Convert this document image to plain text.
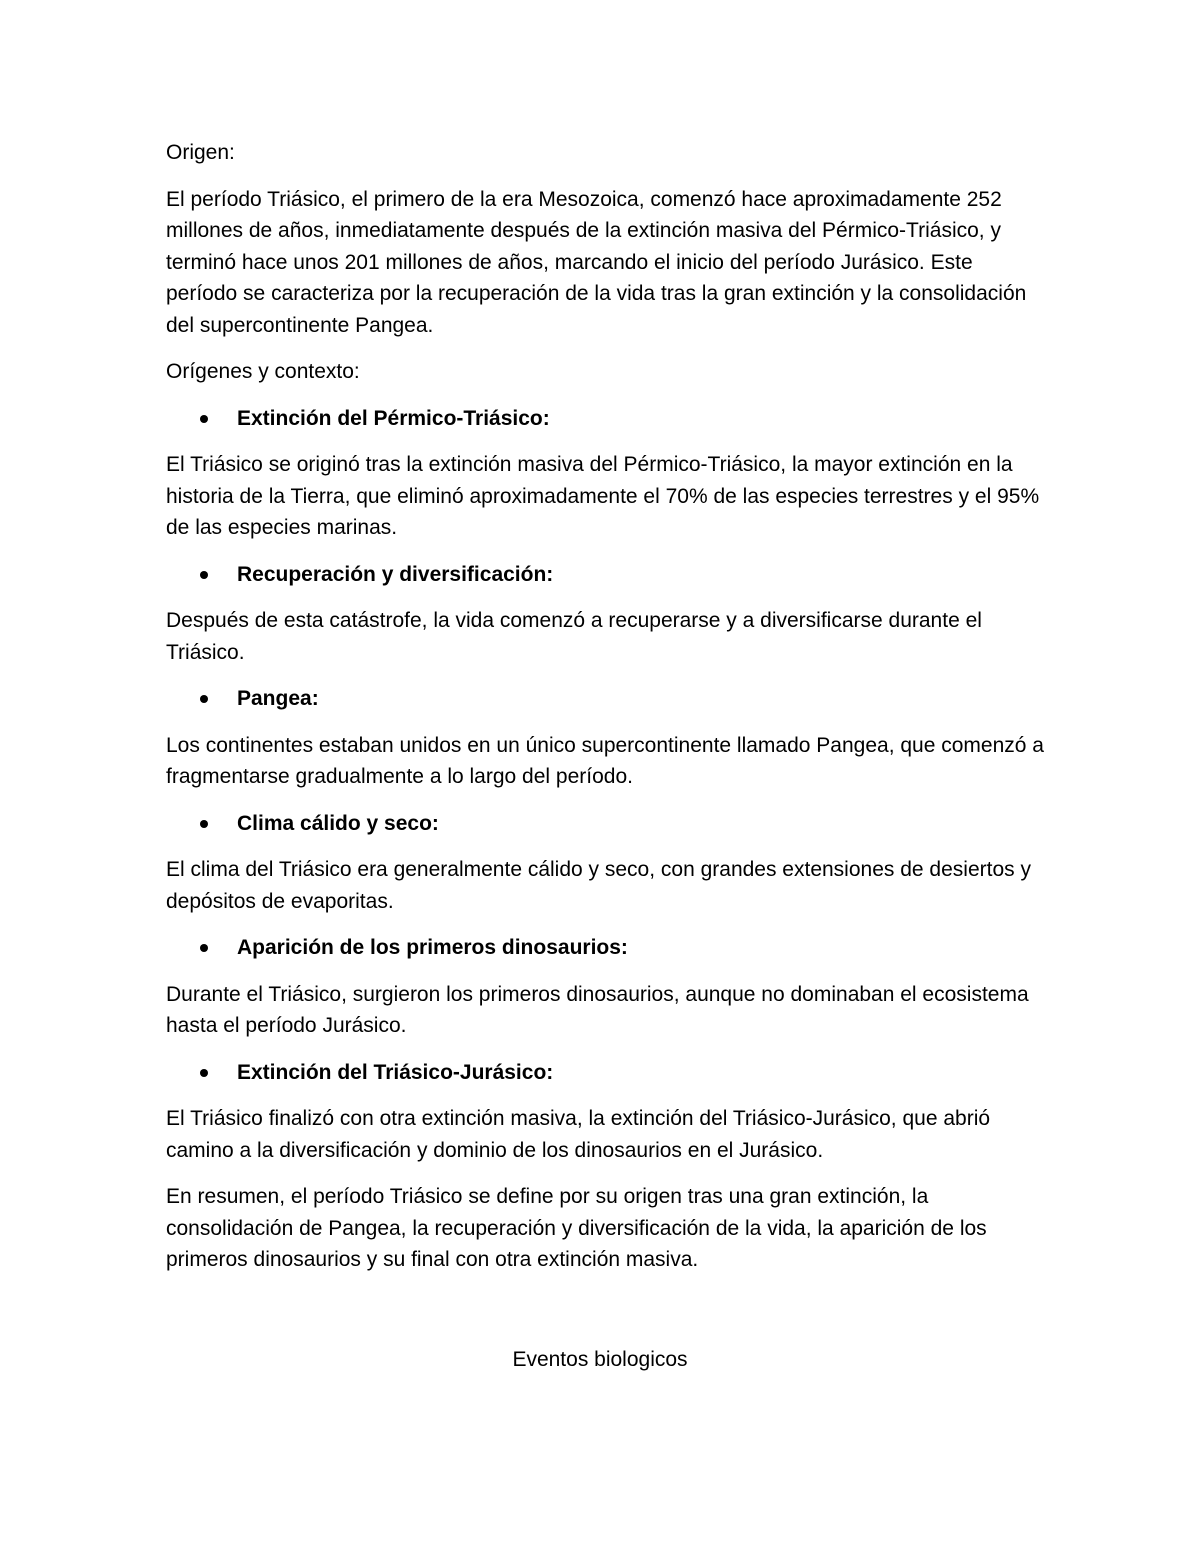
Origen:

El período Triásico, el primero de la era Mesozoica, comenzó hace aproximadamente 252 millones de años, inmediatamente después de la extinción masiva del Pérmico-Triásico, y terminó hace unos 201 millones de años, marcando el inicio del período Jurásico. Este período se caracteriza por la recuperación de la vida tras la gran extinción y la consolidación del supercontinente Pangea.

Orígenes y contexto:

Extinción del Pérmico-Triásico:

El Triásico se originó tras la extinción masiva del Pérmico-Triásico, la mayor extinción en la historia de la Tierra, que eliminó aproximadamente el 70% de las especies terrestres y el 95% de las especies marinas.

Recuperación y diversificación:

Después de esta catástrofe, la vida comenzó a recuperarse y a diversificarse durante el Triásico.

Pangea:

Los continentes estaban unidos en un único supercontinente llamado Pangea, que comenzó a fragmentarse gradualmente a lo largo del período.

Clima cálido y seco:

El clima del Triásico era generalmente cálido y seco, con grandes extensiones de desiertos y depósitos de evaporitas.

Aparición de los primeros dinosaurios:

Durante el Triásico, surgieron los primeros dinosaurios, aunque no dominaban el ecosistema hasta el período Jurásico.

Extinción del Triásico-Jurásico:

El Triásico finalizó con otra extinción masiva, la extinción del Triásico-Jurásico, que abrió camino a la diversificación y dominio de los dinosaurios en el Jurásico.

En resumen, el período Triásico se define por su origen tras una gran extinción, la consolidación de Pangea, la recuperación y diversificación de la vida, la aparición de los primeros dinosaurios y su final con otra extinción masiva.

Eventos biologicos
